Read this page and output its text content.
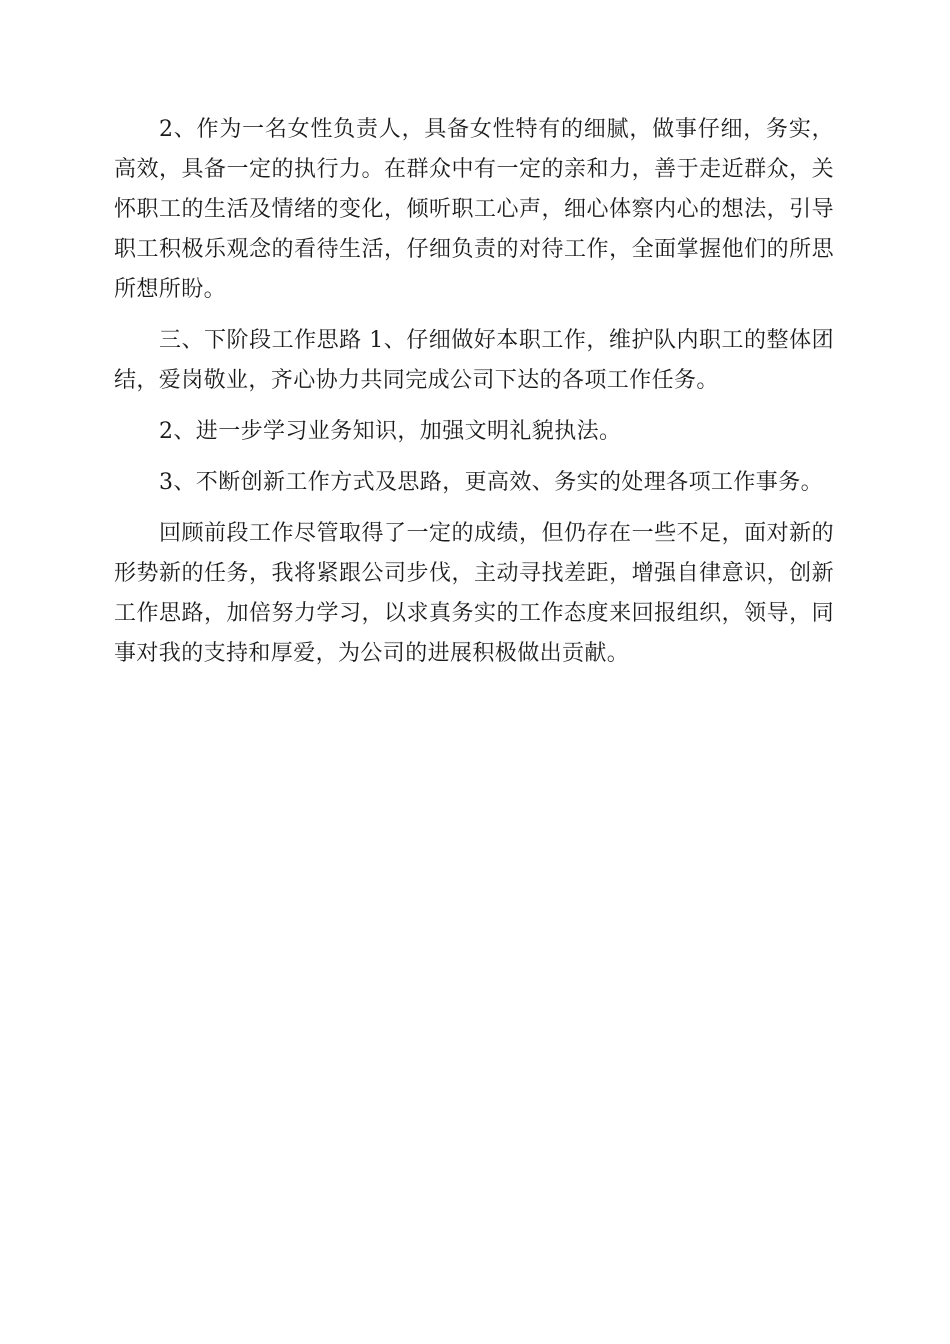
2、作为一名女性负责人，具备女性特有的细腻，做事仔细，务实，高效，具备一定的执行力。在群众中有一定的亲和力，善于走近群众，关怀职工的生活及情绪的变化，倾听职工心声，细心体察内心的想法，引导职工积极乐观念的看待生活，仔细负责的对待工作，全面掌握他们的所思所想所盼。

三、下阶段工作思路 1、仔细做好本职工作，维护队内职工的整体团结，爱岗敬业，齐心协力共同完成公司下达的各项工作任务。

2、进一步学习业务知识，加强文明礼貌执法。

3、不断创新工作方式及思路，更高效、务实的处理各项工作事务。

回顾前段工作尽管取得了一定的成绩，但仍存在一些不足，面对新的形势新的任务，我将紧跟公司步伐，主动寻找差距，增强自律意识，创新工作思路，加倍努力学习，以求真务实的工作态度来回报组织，领导，同事对我的支持和厚爱，为公司的进展积极做出贡献。
